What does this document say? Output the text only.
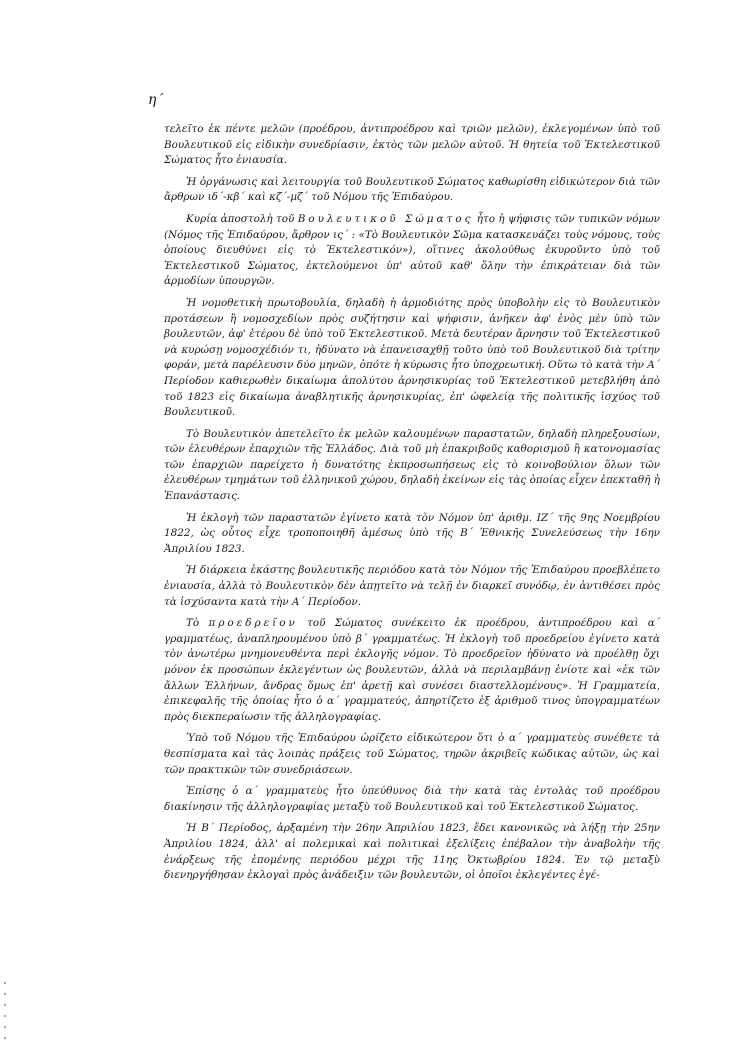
η΄

τελεῖτο ἐκ πέντε μελῶν (προέδρου, ἀντιπροέδρου καὶ τριῶν μελῶν), ἐκλεγομένων ὑπὸ τοῦ Βουλευτικοῦ εἰς εἰδικὴν συνεδρίασιν, ἐκτὸς τῶν μελῶν αὐτοῦ. Ἡ θητεία τοῦ Ἐκτελεστικοῦ Σώματος ἦτο ἐνιαυσία.

Ἡ ὀργάνωσις καὶ λειτουργία τοῦ Βουλευτικοῦ Σώματος καθωρίσθη εἰδικώτερον διὰ τῶν ἄρθρων ιδ΄-κβ΄ καὶ κζ΄-μζ΄ τοῦ Νόμου τῆς Ἐπιδαύρου.

Κυρία ἀποστολὴ τοῦ Βουλευτικοῦ Σώματος ἦτο ἡ ψήφισις τῶν τυπικῶν νόμων (Νόμος τῆς Ἐπιδαύρου, ἄρθρον ις΄ : «Τὸ Βουλευτικὸν Σῶμα κατασκευάζει τοὺς νόμους, τοὺς ὁποίους διευθύνει εἰς τὸ Ἐκτελεστικόν»), οἵτινες ἀκολούθως ἐκυροῦντο ὑπὸ τοῦ Ἐκτελεστικοῦ Σώματος, ἐκτελούμενοι ὑπ' αὐτοῦ καθ' ὅλην τὴν ἐπικράτειαν διὰ τῶν ἁρμοδίων ὑπουργῶν.

Ἡ νομοθετικὴ πρωτοβουλία, δηλαδὴ ἡ ἁρμοδιότης πρὸς ὑποβολὴν εἰς τὸ Βουλευτικὸν προτάσεων ἢ νομοσχεδίων πρὸς συζήτησιν καὶ ψήφισιν, ἀνῆκεν ἀφ' ἑνὸς μὲν ὑπὸ τῶν βουλευτῶν, ἀφ' ἑτέρου δὲ ὑπὸ τοῦ Ἐκτελεστικοῦ. Μετὰ δευτέραν ἄρνησιν τοῦ Ἐκτελεστικοῦ νὰ κυρώσῃ νομοσχέδιόν τι, ἠδύνατο νὰ ἐπανεισαχθῇ τοῦτο ὑπὸ τοῦ Βουλευτικοῦ διὰ τρίτην φοράν, μετὰ παρέλευσιν δύο μηνῶν, ὁπότε ἡ κύρωσις ἦτο ὑποχρεωτική. Οὕτω τὸ κατὰ τὴν Α΄ Περίοδον καθιερωθὲν δικαίωμα ἀπολύτου ἀρνησικυρίας τοῦ Ἐκτελεστικοῦ μετεβλήθη ἀπὸ τοῦ 1823 εἰς δικαίωμα ἀναβλητικῆς ἀρνησικυρίας, ἐπ' ὠφελείᾳ τῆς πολιτικῆς ἰσχύος τοῦ Βουλευτικοῦ.

Τὸ Βουλευτικὸν ἀπετελεῖτο ἐκ μελῶν καλουμένων παραστατῶν, δηλαδὴ πληρεξουσίων, τῶν ἐλευθέρων ἐπαρχιῶν τῆς Ἑλλάδος. Διὰ τοῦ μὴ ἐπακριβοῦς καθορισμοῦ ἢ κατονομασίας τῶν ἐπαρχιῶν παρείχετο ἡ δυνατότης ἐκπροσωπήσεως εἰς τὸ κοινοβούλιον ὅλων τῶν ἐλευθέρων τμημάτων τοῦ ἑλληνικοῦ χώρου, δηλαδὴ ἐκείνων εἰς τὰς ὁποίας εἶχεν ἐπεκταθῆ ἡ Ἐπανάστασις.

Ἡ ἐκλογὴ τῶν παραστατῶν ἐγίνετο κατὰ τὸν Νόμον ὑπ' ἀριθμ. ΙΖ΄ τῆς 9ης Νοεμβρίου 1822, ὡς οὗτος εἶχε τροποποιηθῆ ἀμέσως ὑπὸ τῆς Β΄ Ἐθνικῆς Συνελεύσεως τὴν 16ην Ἀπριλίου 1823.

Ἡ διάρκεια ἑκάστης βουλευτικῆς περιόδου κατὰ τὸν Νόμον τῆς Ἐπιδαύρου προεβλέπετο ἐνιαυσία, ἀλλὰ τὸ Βουλευτικὸν δὲν ἀπῃτεῖτο νὰ τελῇ ἐν διαρκεῖ συνόδῳ, ἐν ἀντιθέσει πρὸς τὰ ἰσχύσαντα κατὰ τὴν Α΄ Περίοδον.

Τὸ προεδρεῖον τοῦ Σώματος συνέκειτο ἐκ προέδρου, ἀντιπροέδρου καὶ α΄ γραμματέως, ἀναπληρουμένου ὑπὸ β΄ γραμματέως. Ἡ ἐκλογὴ τοῦ προεδρείου ἐγίνετο κατὰ τὸν ἀνωτέρω μνημονευθέντα περὶ ἐκλογῆς νόμον. Τὸ προεδρεῖον ἠδύνατο νὰ προέλθῃ ὄχι μόνον ἐκ προσώπων ἐκλεγέντων ὡς βουλευτῶν, ἀλλὰ νὰ περιλαμβάνῃ ἐνίοτε καὶ «ἐκ τῶν ἄλλων Ἑλλήνων, ἄνδρας ὅμως ἐπ' ἀρετῇ καὶ συνέσει διαστελλομένους». Ἡ Γραμματεία, ἐπικεφαλῆς τῆς ὁποίας ἦτο ὁ α΄ γραμματεύς, ἀπηρτίζετο ἐξ ἀριθμοῦ τινος ὑπογραμματέων πρὸς διεκπεραίωσιν τῆς ἀλληλογραφίας.

Ὑπὸ τοῦ Νόμου τῆς Ἐπιδαύρου ὡρίζετο εἰδικώτερον ὅτι ὁ α΄ γραμματεὺς συνέθετε τὰ θεσπίσματα καὶ τὰς λοιπὰς πράξεις τοῦ Σώματος, τηρῶν ἀκριβεῖς κώδικας αὐτῶν, ὡς καὶ τῶν πρακτικῶν τῶν συνεδριάσεων.

Ἐπίσης ὁ α΄ γραμματεὺς ἦτο ὑπεύθυνος διὰ τὴν κατὰ τὰς ἐντολὰς τοῦ προέδρου διακίνησιν τῆς ἀλληλογραφίας μεταξὺ τοῦ Βουλευτικοῦ καὶ τοῦ Ἐκτελεστικοῦ Σώματος.

Ἡ Β΄ Περίοδος, ἀρξαμένη τὴν 26ην Ἀπριλίου 1823, ἔδει κανονικῶς νὰ λήξῃ τὴν 25ην Ἀπριλίου 1824, ἀλλ' αἱ πολεμικαὶ καὶ πολιτικαὶ ἐξελίξεις ἐπέβαλον τὴν ἀναβολὴν τῆς ἐνάρξεως τῆς ἑπομένης περιόδου μέχρι τῆς 11ης Ὀκτωβρίου 1824. Ἐν τῷ μεταξὺ διενηργήθησαν ἐκλογαὶ πρὸς ἀνάδειξιν τῶν βουλευτῶν, οἱ ὁποῖοι ἐκλεγέντες ἐγέ-
